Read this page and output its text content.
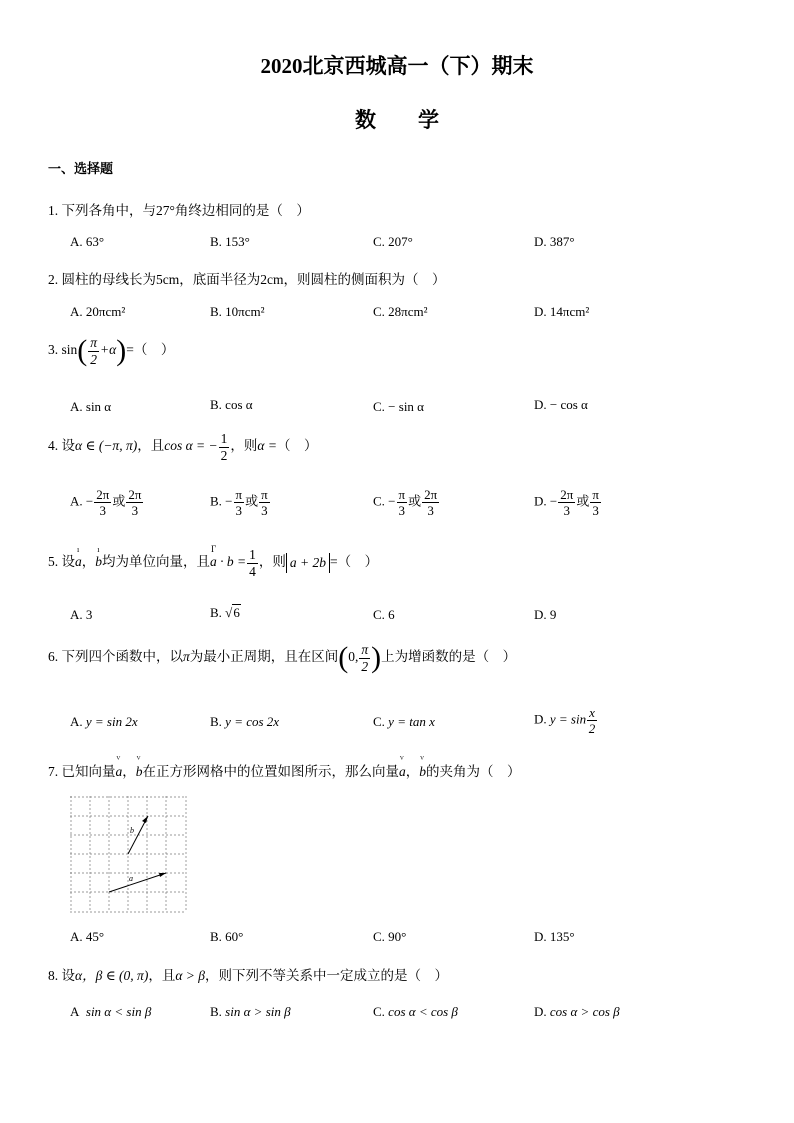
2020北京西城高一（下）期末
数　　学
一、选择题
1. 下列各角中，与27°角终边相同的是（　）
A. 63°	B. 153°	C. 207°	D. 387°
2. 圆柱的母线长为5cm，底面半径为2cm，则圆柱的侧面积为（　）
A. 20πcm²	B. 10πcm²	C. 28πcm²	D. 14πcm²
3. $\sin( \frac{\pi}{2} +\alpha)=$（　）
A. sin α	B. cos α	C. − sin α	D. − cos α
4. 设α ∈ (−π, π)，且cos α = − $\frac{1}{2}$ ，则α =（　）
A. − $\frac{2\pi}{3}$ 或 $\frac{2\pi}{3}$	B. − $\frac{\pi}{3}$ 或 $\frac{\pi}{3}$	C. − $\frac{\pi}{3}$ 或 $\frac{2\pi}{3}$	D. − $\frac{2\pi}{3}$ 或 $\frac{\pi}{3}$
5. 设ı a，ı b均为单位向量，且Γ $a \cdot b = \frac{1}{4}$ ，则 a + 2b =（　）
A. 3	B. √6	C. 6	D. 9
6. 下列四个函数中，以π为最小正周期，且在区间(0, $\frac{\pi}{2}$ )上为增函数的是（　）
A. y = sin 2x	B. y = cos 2x	C. y = tan x	D. $y = \sin \frac{x}{2}$
7. 已知向量ⱽ a，ⱽ b在正方形网格中的位置如图所示，那么向量ⱽ a，ⱽ b的夹角为（　）
b
a
A. 45°	B. 60°	C. 90°	D. 135°
8. 设α，β ∈ (0, π)，且α > β，则下列不等关系中一定成立的是（　）
A sin α < sin β	B. sin α > sin β	C. cos α < cos β	D. cos α > cos β
